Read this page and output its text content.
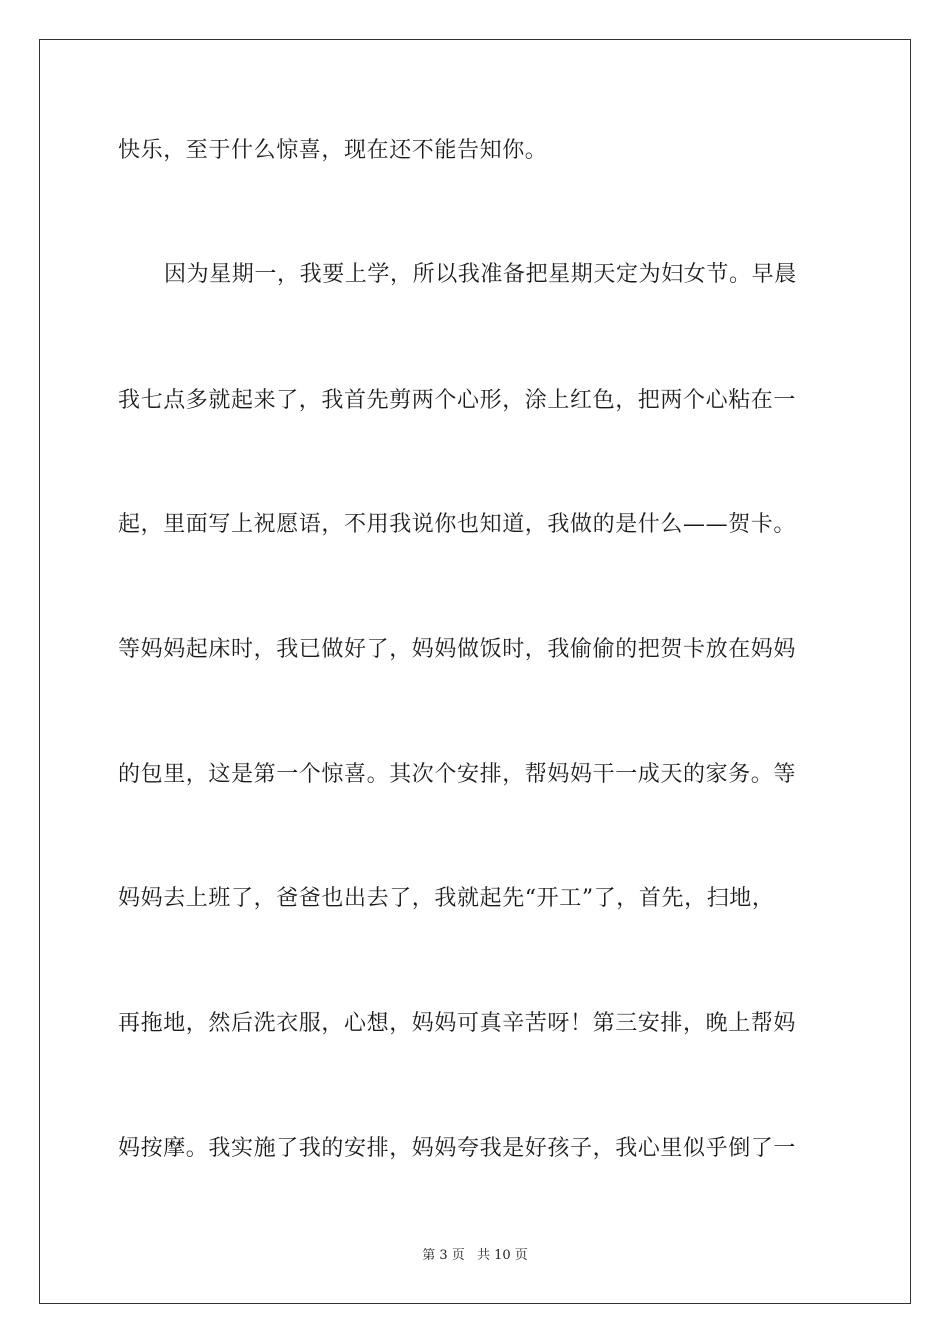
快乐，至于什么惊喜，现在还不能告知你。
因为星期一，我要上学，所以我准备把星期天定为妇女节。早晨
我七点多就起来了，我首先剪两个心形，涂上红色，把两个心粘在一
起，里面写上祝愿语，不用我说你也知道，我做的是什么——贺卡。
等妈妈起床时，我已做好了，妈妈做饭时，我偷偷的把贺卡放在妈妈
的包里，这是第一个惊喜。其次个安排，帮妈妈干一成天的家务。等
妈妈去上班了，爸爸也出去了，我就起先“开工”了，首先，扫地，
再拖地，然后洗衣服，心想，妈妈可真辛苦呀！第三安排，晚上帮妈
妈按摩。我实施了我的安排，妈妈夸我是好孩子，我心里似乎倒了一
第 3 页 共 10 页
